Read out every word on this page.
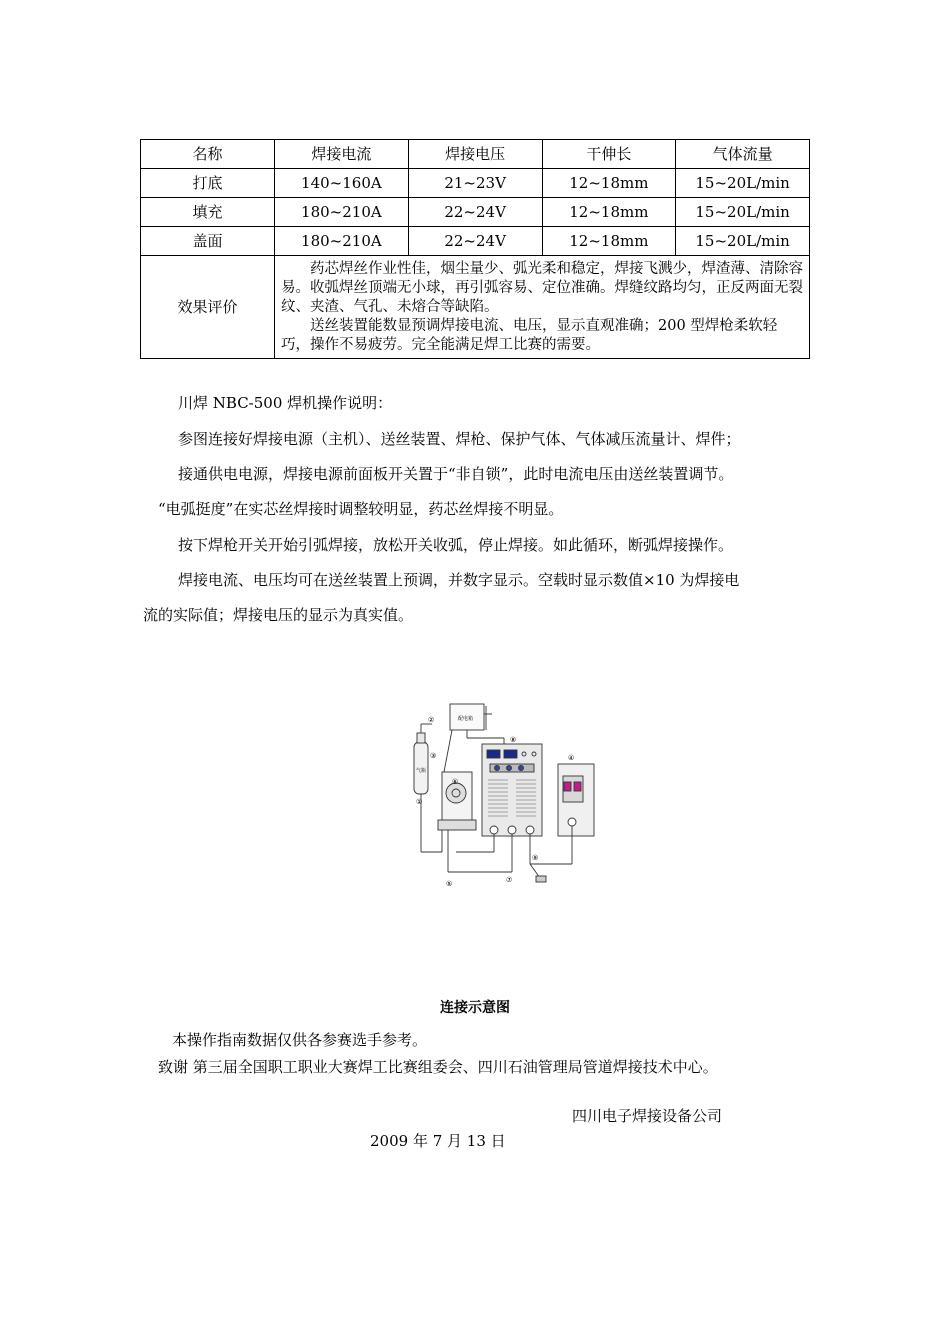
名称	焊接电流	焊接电压	干伸长	气体流量
打底	140~160A	21~23V	12~18mm	15~20L/min
填充	180~210A	22~24V	12~18mm	15~20L/min
盖面	180~210A	22~24V	12~18mm	15~20L/min
效果评价	药芯焊丝作业性佳，烟尘量少、弧光柔和稳定，焊接飞溅少，焊渣薄、清除容易。收弧焊丝顶端无小球，再引弧容易、定位准确。焊缝纹路均匀，正反两面无裂纹、夹渣、气孔、未熔合等缺陷。

送丝装置能数显预调焊接电流、电压，显示直观准确；200 型焊枪柔软轻巧，操作不易疲劳。完全能满足焊工比赛的需要。			

川焊 NBC-500 焊机操作说明：
参图连接好焊接电源（主机）、送丝装置、焊枪、保护气体、气体减压流量计、焊件；
接通供电电源，焊接电源前面板开关置于“非自锁”，此时电流电压由送丝装置调节。
“电弧挺度”在实芯丝焊接时调整较明显，药芯丝焊接不明显。
按下焊枪开关开始引弧焊接，放松开关收弧，停止焊接。如此循环，断弧焊接操作。
焊接电流、电压均可在送丝装置上预调，并数字显示。空载时显示数值×10 为焊接电
流的实际值；焊接电压的显示为真实值。
配电箱
气瓶
①
②
③	④
⑤
⑥
⑦
⑧
⑨
连接示意图
本操作指南数据仅供各参赛选手参考。
致谢 第三届全国职工职业大赛焊工比赛组委会、四川石油管理局管道焊接技术中心。
四川电子焊接设备公司
2009 年 7 月 13 日
